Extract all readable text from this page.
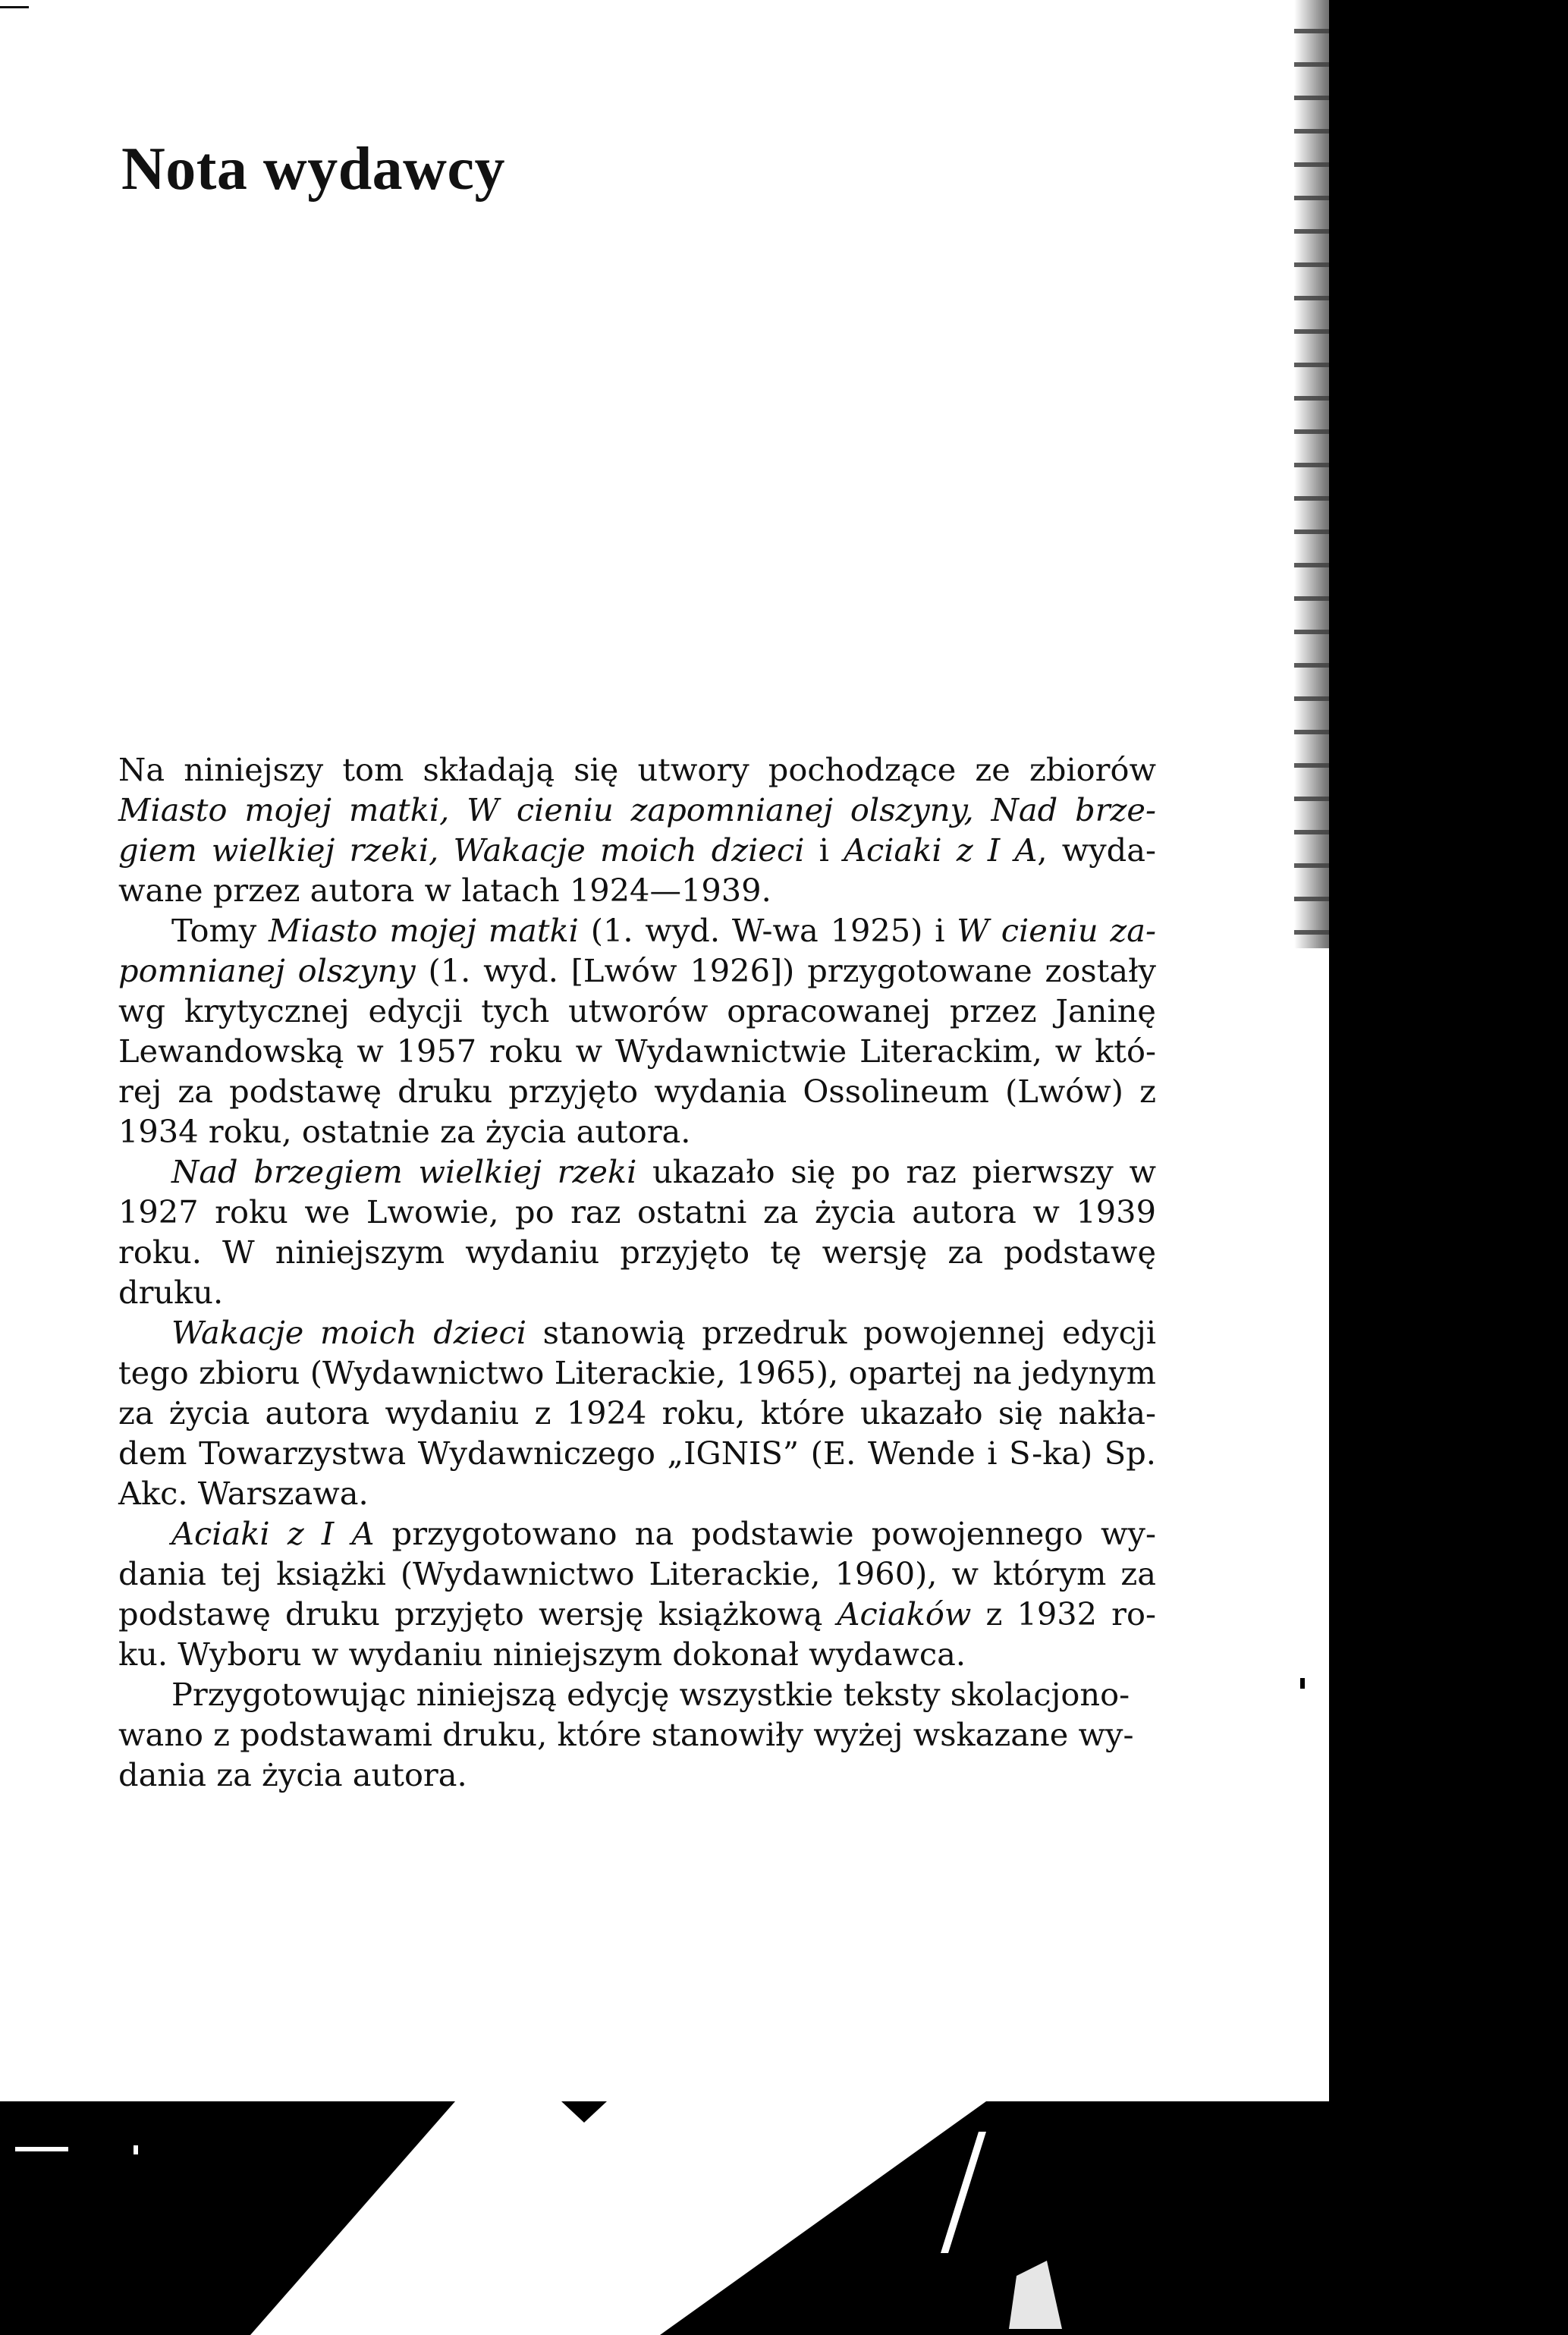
Nota wydawcy

Na niniejszy tom składają się utwory pochodzące ze zbiorów Miasto mojej matki, W cieniu zapomnianej olszyny, Nad brzegiem wielkiej rzeki, Wakacje moich dzieci i Aciaki z I A, wydawane przez autora w latach 1924—1939.

Tomy Miasto mojej matki (1. wyd. W-wa 1925) i W cieniu zapomnianej olszyny (1. wyd. [Lwów 1926]) przygotowane zostały wg krytycznej edycji tych utworów opracowanej przez Janinę Lewandowską w 1957 roku w Wydawnictwie Literackim, w której za podstawę druku przyjęto wydania Ossolineum (Lwów) z 1934 roku, ostatnie za życia autora.

Nad brzegiem wielkiej rzeki ukazało się po raz pierwszy w 1927 roku we Lwowie, po raz ostatni za życia autora w 1939 roku. W niniejszym wydaniu przyjęto tę wersję za podstawę druku.

Wakacje moich dzieci stanowią przedruk powojennej edycji tego zbioru (Wydawnictwo Literackie, 1965), opartej na jedynym za życia autora wydaniu z 1924 roku, które ukazało się nakładem Towarzystwa Wydawniczego „IGNIS” (E. Wende i S-ka) Sp. Akc. Warszawa.

Aciaki z I A przygotowano na podstawie powojennego wydania tej książki (Wydawnictwo Literackie, 1960), w którym za podstawę druku przyjęto wersję książkową Aciaków z 1932 roku. Wyboru w wydaniu niniejszym dokonał wydawca.

Przygotowując niniejszą edycję wszystkie teksty skolacjonowano z podstawami druku, które stanowiły wyżej wskazane wydania za życia autora.
